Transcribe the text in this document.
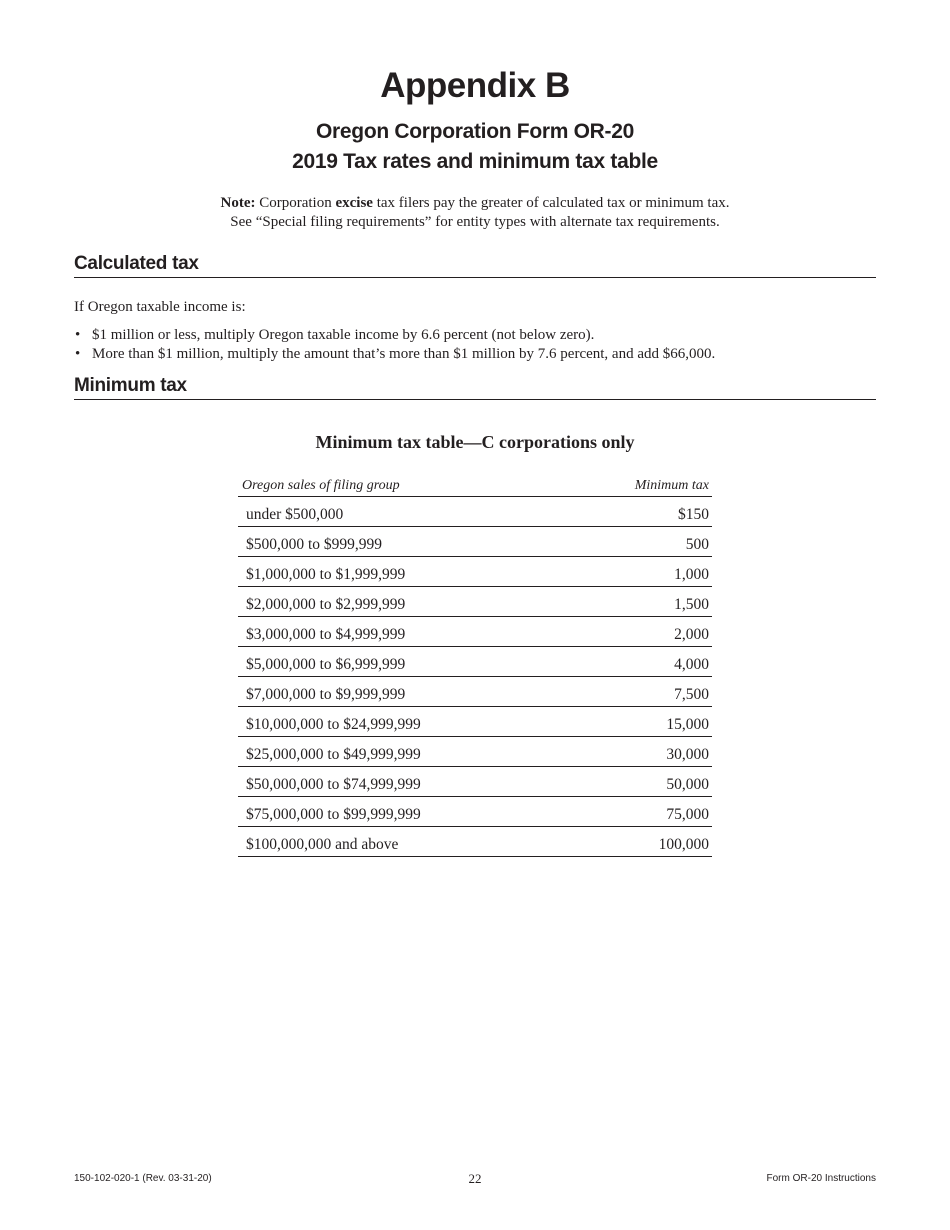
Appendix B
Oregon Corporation Form OR-20
2019 Tax rates and minimum tax table
Note: Corporation excise tax filers pay the greater of calculated tax or minimum tax.
See “Special filing requirements” for entity types with alternate tax requirements.
Calculated tax
If Oregon taxable income is:
• $1 million or less, multiply Oregon taxable income by 6.6 percent (not below zero).
• More than $1 million, multiply the amount that’s more than $1 million by 7.6 percent, and add $66,000.
Minimum tax
Minimum tax table—C corporations only
Oregon sales of filing group	Minimum tax
under $500,000	$150
$500,000 to $999,999	500
$1,000,000 to $1,999,999	1,000
$2,000,000 to $2,999,999	1,500
$3,000,000 to $4,999,999	2,000
$5,000,000 to $6,999,999	4,000
$7,000,000 to $9,999,999	7,500
$10,000,000 to $24,999,999	15,000
$25,000,000 to $49,999,999	30,000
$50,000,000 to $74,999,999	50,000
$75,000,000 to $99,999,999	75,000
$100,000,000 and above	100,000
150-102-020-1 (Rev. 03-31-20)	22	Form OR-20 Instructions
